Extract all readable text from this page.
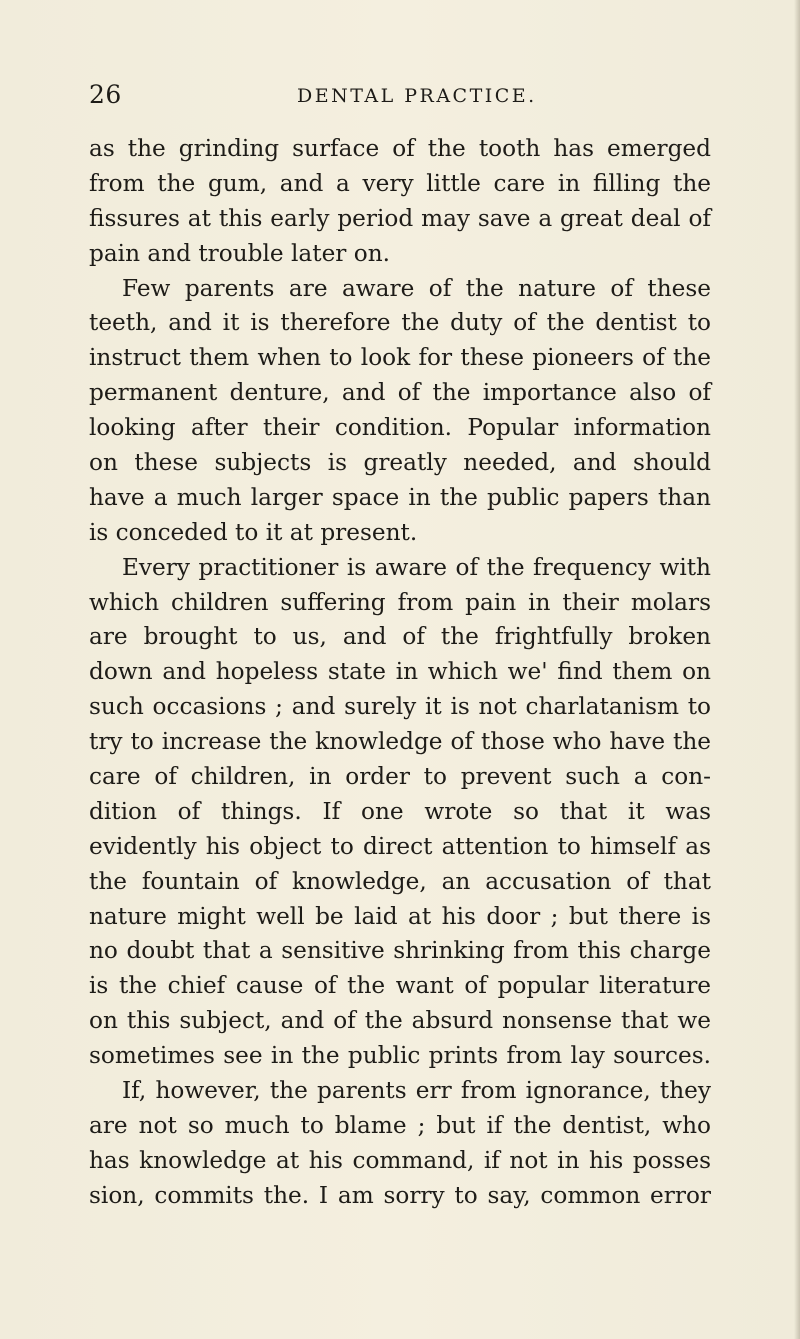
26	DENTAL PRACTICE.
as the grinding surface of the tooth has emerged
from the gum, and a very little care in filling the
fissures at this early period may save a great deal of
pain and trouble later on.
Few parents are aware of the nature of these
teeth, and it is therefore the duty of the dentist to
instruct them when to look for these pioneers of the
permanent denture, and of the importance also of
looking after their condition. Popular information
on these subjects is greatly needed, and should
have a much larger space in the public papers than
is conceded to it at present.
Every practitioner is aware of the frequency with
which children suffering from pain in their molars
are brought to us, and of the frightfully broken
down and hopeless state in which we' find them on
such occasions ; and surely it is not charlatanism to
try to increase the knowledge of those who have the
care of children, in order to prevent such a con-
dition of things. If one wrote so that it was
evidently his object to direct attention to himself as
the fountain of knowledge, an accusation of that
nature might well be laid at his door ; but there is
no doubt that a sensitive shrinking from this charge
is the chief cause of the want of popular literature
on this subject, and of the absurd nonsense that we
sometimes see in the public prints from lay sources.
If, however, the parents err from ignorance, they
are not so much to blame ; but if the dentist, who
has knowledge at his command, if not in his posses
sion, commits the. I am sorry to say, common error
